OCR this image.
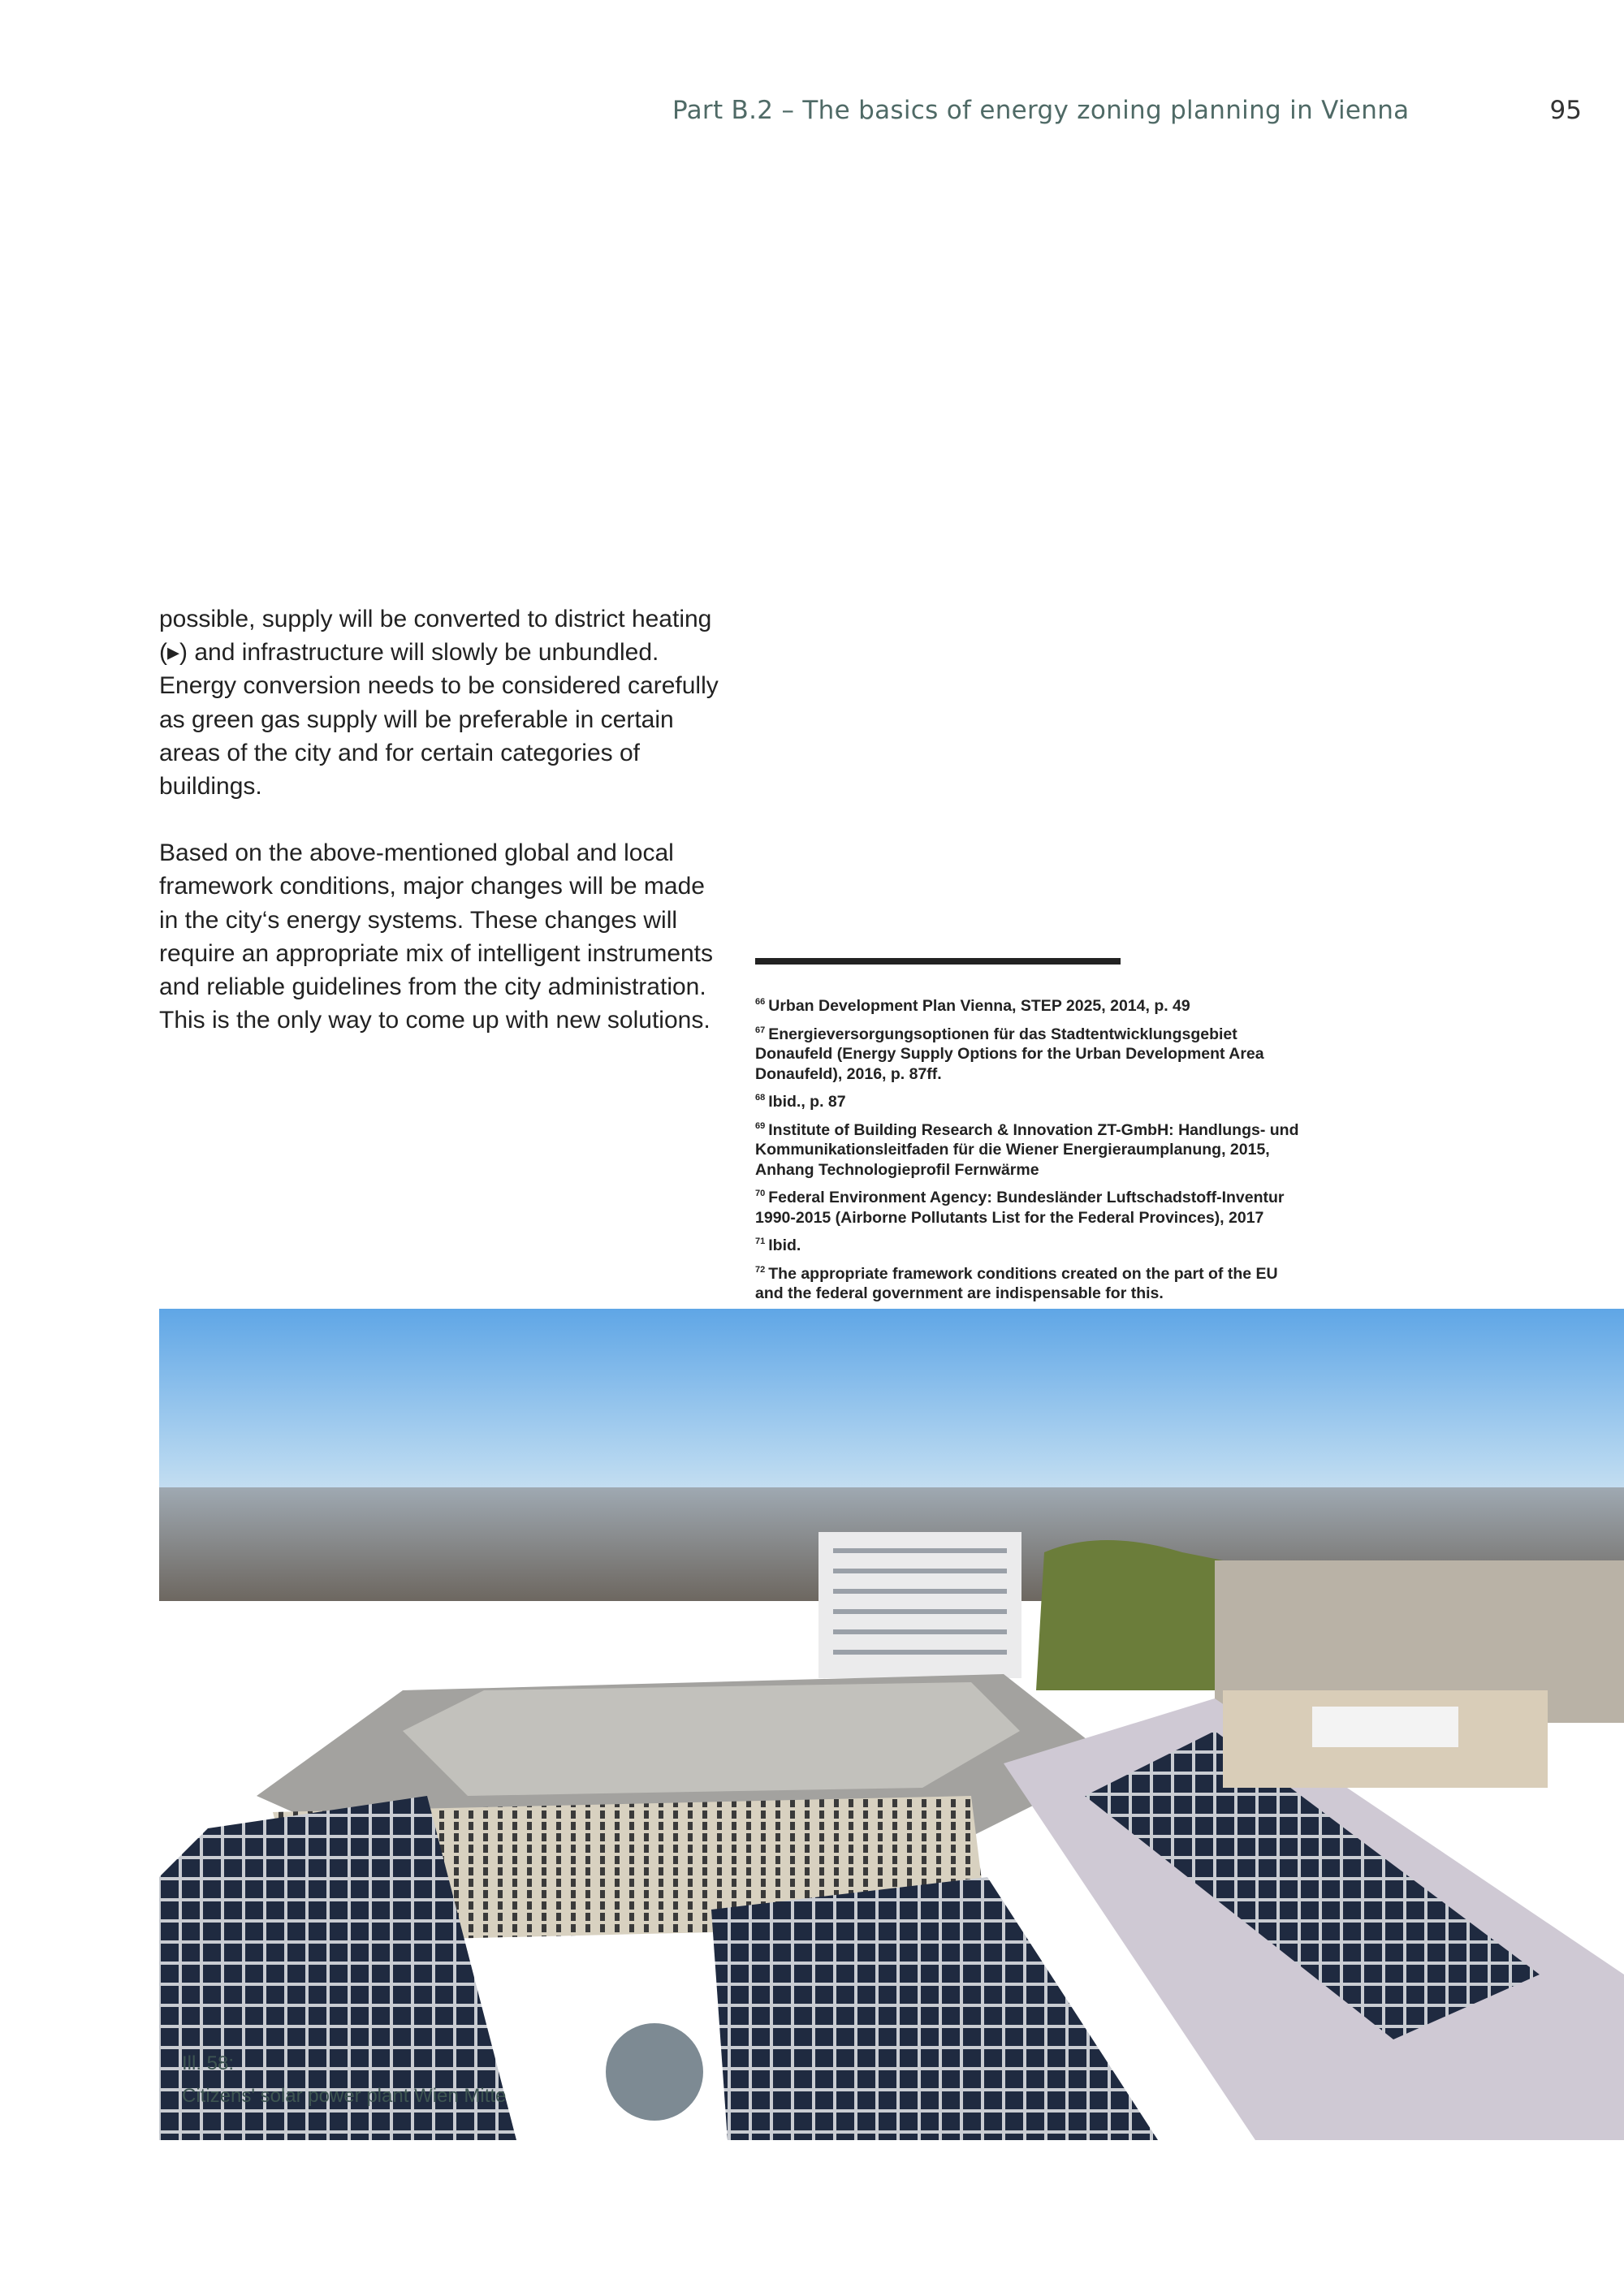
Part B.2 – The basics of energy zoning planning in Vienna	95

possible, supply will be converted to district heating (▸) and infrastructure will slowly be unbundled. Energy conversion needs to be considered carefully as green gas supply will be preferable in certain areas of the city and for certain categories of buildings.

Based on the above-mentioned global and local framework conditions, major changes will be made in the city‘s energy systems. These changes will require an appropriate mix of intelligent instruments and reliable guidelines from the city administration. This is the only way to come up with new solutions.

$^{66}$ Urban Development Plan Vienna, STEP 2025, 2014, p. 49
$^{67}$ Energieversorgungsoptionen für das Stadtentwicklungsgebiet Donaufeld (Energy Supply Options for the Urban Development Area Donaufeld), 2016, p. 87ff.
$^{68}$ Ibid., p. 87
$^{69}$ Institute of Building Research & Innovation ZT-GmbH: Handlungs- und Kommunikationsleitfaden für die Wiener Energieraumplanung, 2015, Anhang Technologieprofil Fernwärme
$^{70}$ Federal Environment Agency: Bundesländer Luftschadstoff-Inventur 1990-2015 (Airborne Pollutants List for the Federal Provinces), 2017
$^{71}$ Ibid.
$^{72}$ The appropriate framework conditions created on the part of the EU and the federal government are indispensable for this.
Ill. 58:
Citizens' solar power plant Wien Mitte
